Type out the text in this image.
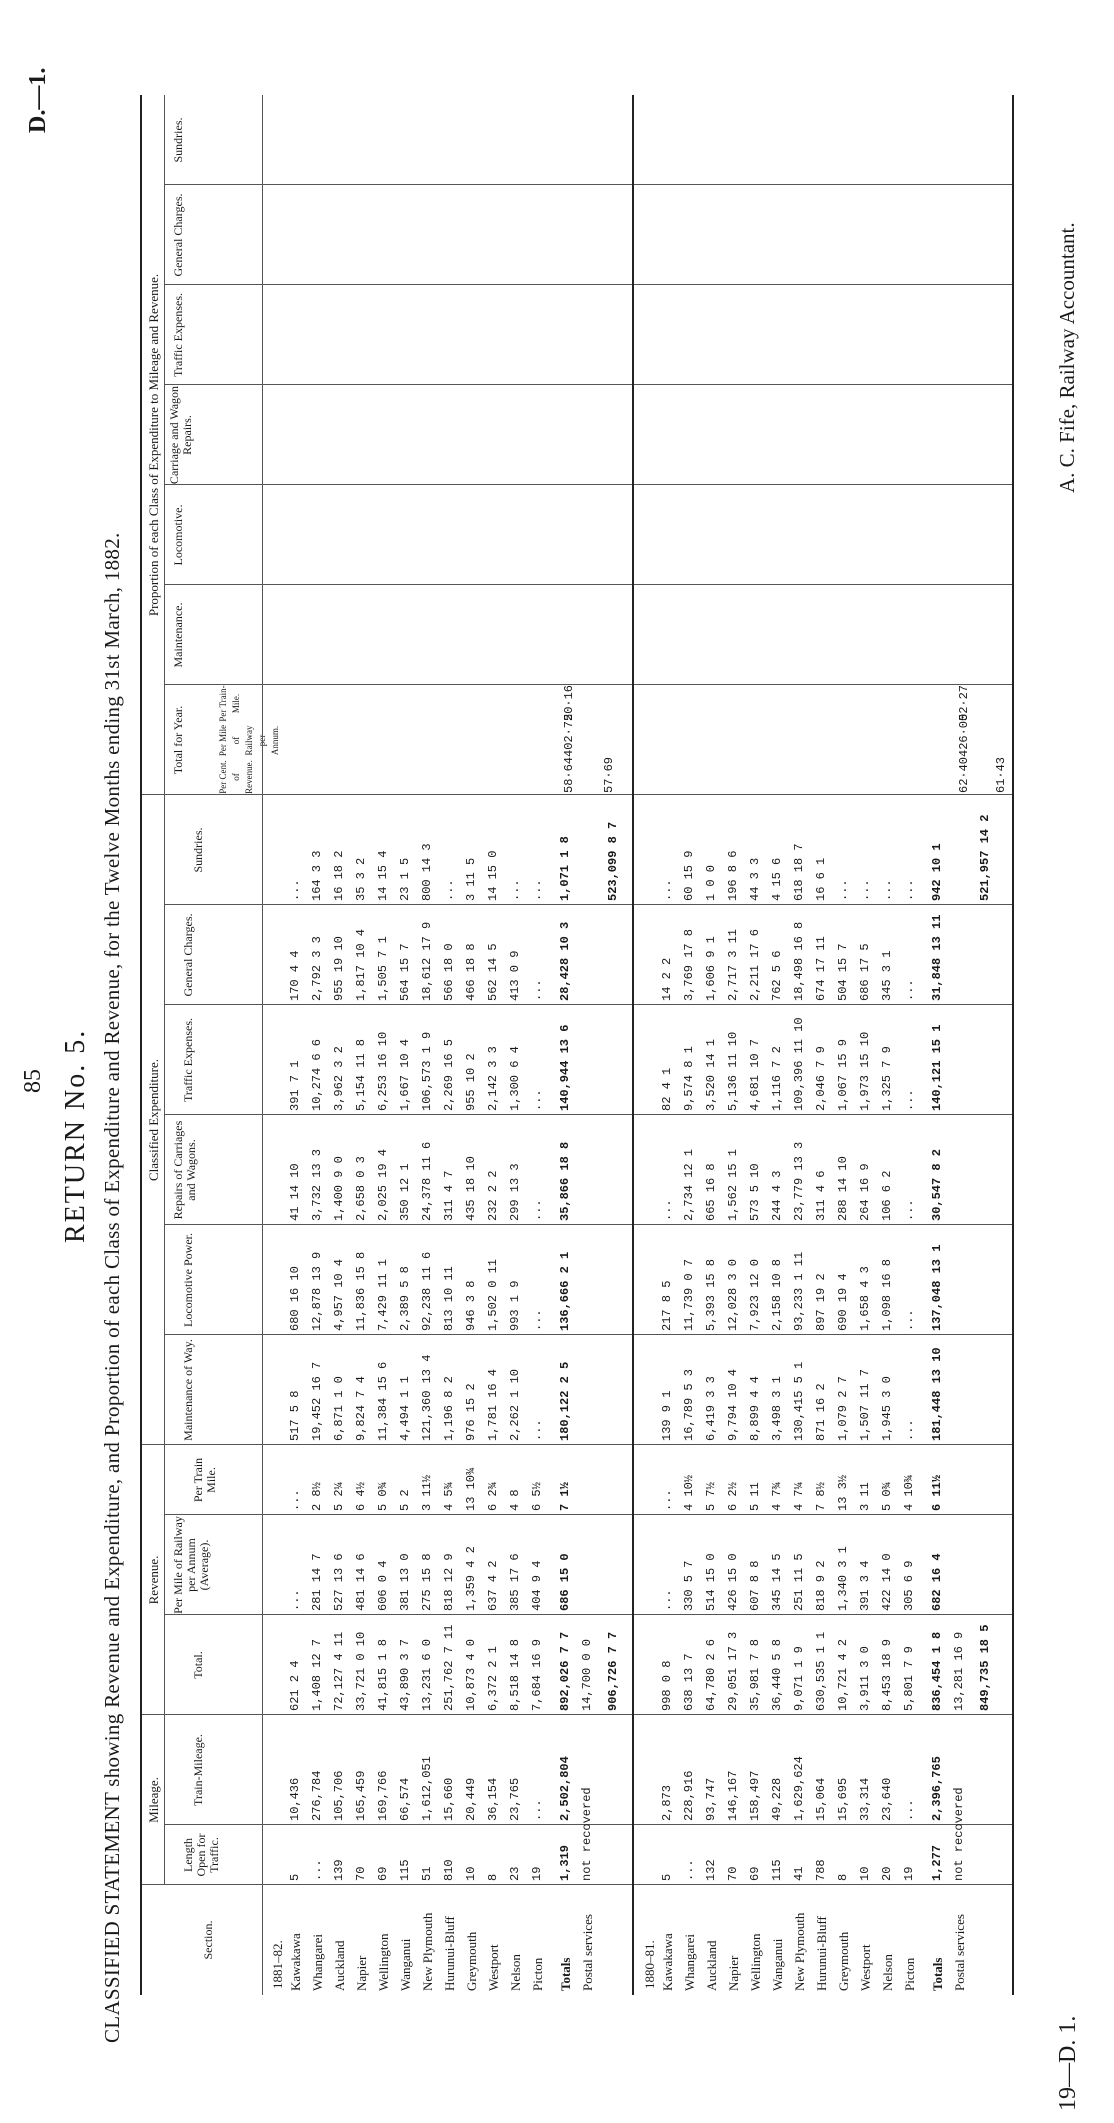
85 RETURN No. 5. CLASSIFIED STATEMENT showing Revenue and Expenditure, and Proportion of each Class of Expenditure and Revenue, for the Twelve Months ending 31st March, 1882.
D.—1.
Mileage.
Revenue.
Classified Expenditure.
Proportion of each Class of Expenditure to Mileage and Revenue.
Section.
Length Open for Traffic.
Train-Mileage.
Total.
Per Mile of Railway per Annum (Average).
Per Train Mile.
Maintenance of Way.
Locomotive Power.
Repairs of Carriages and Wagons.
Traffic Expenses.
General Charges.
Sundries.
Total for Year.
Maintenance.
Locomotive.
Carriage and Wagon Repairs.
Traffic Expenses.
General Charges.
Sundries.
Per Cent. of Revenue.
Per Mile of Railway per Annum.
Per Train-Mile.
58·64
402·72
50·16
57·69	62·40
426·00
52·27
61·43
1881–82. Kawakawa
5
10,436
621 2 4
...
...
517 5 8
680 16 10
41 14 10
391 7 1
170 4 4
...
Whangarei
...
276,784
1,408 12 7
281 14 7
2 8½
19,452 16 7
12,878 13 9
3,732 13 3
10,274 6 6
2,792 3 3
164 3 3
Auckland
139
105,706
72,127 4 11
527 13 6
5 2¼
6,871 1 0
4,957 10 4
1,400 9 0
3,962 3 2
955 19 10
16 18 2
Napier
70
165,459
33,721 0 10
481 14 6
6 4½
9,824 7 4
11,836 15 8
2,658 0 3
5,154 11 8
1,817 10 4
35 3 2
Wellington
69
169,766
41,815 1 8
606 0 4
5 0¾
11,384 15 6
7,429 11 1
2,025 19 4
6,253 16 10
1,505 7 1
14 15 4
Wanganui
115
66,574
43,890 3 7
381 13 0
5 2
4,494 1 1
2,389 5 8
350 12 1
1,667 10 4
564 15 7
23 1 5
New Plymouth
51
1,612,051
13,231 6 0
275 15 8
3 11½
121,360 13 4
92,238 11 6
24,378 11 6
106,573 1 9
18,612 17 9
800 14 3
Hurunui-Bluff
810
15,660
251,762 7 11
818 12 9
4 5¾
1,196 8 2
813 10 11
311 4 7
2,269 16 5
566 18 0
...
Greymouth
10
20,449
10,873 4 0
1,359 4 2
13 10¾
976 15 2
946 3 8
435 18 10
955 10 2
466 18 8
3 11 5
Westport
8
36,154
6,372 2 1
637 4 2
6 2¾
1,781 16 4
1,502 0 11
232 2 2
2,142 3 3
562 14 5
14 15 0
Nelson
23
23,765
8,518 14 8
385 17 6
4 8
2,262 1 10
993 1 9
299 13 3
1,300 6 4
413 0 9
...
Picton
19
...
7,684 16 9
404 9 4
6 5½
...
...
...
...
...
...
Totals
1,319
2,502,804
892,026 7 7
686 15 0
7 1½
180,122 2 5
136,666 2 1
35,866 18 8
140,944 13 6
28,428 10 3
1,071 1 8
Postal services
not recovered
14,700 0 0 906,726 7 7
523,099 8 7
1880–81. Kawakawa
5
2,873
998 0 8
...
...
139 9 1
217 8 5
...
82 4 1
14 2 2
...
Whangarei
...
228,916
638 13 7
330 5 7
4 10½
16,789 5 3
11,739 0 7
2,734 12 1
9,574 8 1
3,769 17 8
60 15 9
Auckland
132
93,747
64,780 2 6
514 15 0
5 7½
6,419 3 3
5,393 15 8
665 16 8
3,520 14 1
1,606 9 1
1 0 0
Napier
70
146,167
29,051 17 3
426 15 0
6 2½
9,794 10 4
12,028 3 0
1,562 15 1
5,136 11 10
2,717 3 11
196 8 6
Wellington
69
158,497
35,981 7 8
607 8 8
5 11
8,899 4 4
7,923 12 0
573 5 10
4,681 10 7
2,211 17 6
44 3 3
Wanganui
115
49,228
36,440 5 8
345 14 5
4 7¾
3,498 3 1
2,158 10 8
244 4 3
1,116 7 2
762 5 6
4 15 6
New Plymouth
41
1,629,624
9,071 1 9
251 11 5
4 7¼
130,415 5 1
93,233 1 11
23,779 13 3
109,396 11 10
18,498 16 8
618 18 7
Hurunui-Bluff
788
15,064
630,535 1 1
818 9 2
7 8½
871 16 2
897 19 2
311 4 6
2,046 7 9
674 17 11
16 6 1
Greymouth
8
15,695
10,721 4 2
1,340 3 1
13 3½
1,079 2 7
690 19 4
288 14 10
1,067 15 9
504 15 7
...
Westport
10
33,314
3,911 3 0
391 3 4
3 11
1,507 11 7
1,658 4 3
264 16 9
1,973 15 10
686 17 5
...
Nelson
20
23,640
8,453 18 9
422 14 0
5 0¾
1,945 3 0
1,098 16 8
106 6 2
1,325 7 9
345 3 1
...
Picton
19
...
5,801 7 9
305 6 9
4 10¾
...
...
...
...
...
...
Totals
1,277
2,396,765
836,454 1 8
682 16 4
6 11½
181,448 13 10
137,048 13 1
30,547 8 2
140,121 15 1
31,848 13 11
942 10 1
Postal services
not recovered
13,281 16 9 849,735 18 5
521,957 14 2
19—D. 1.
A. C. Fife, Railway Accountant.
